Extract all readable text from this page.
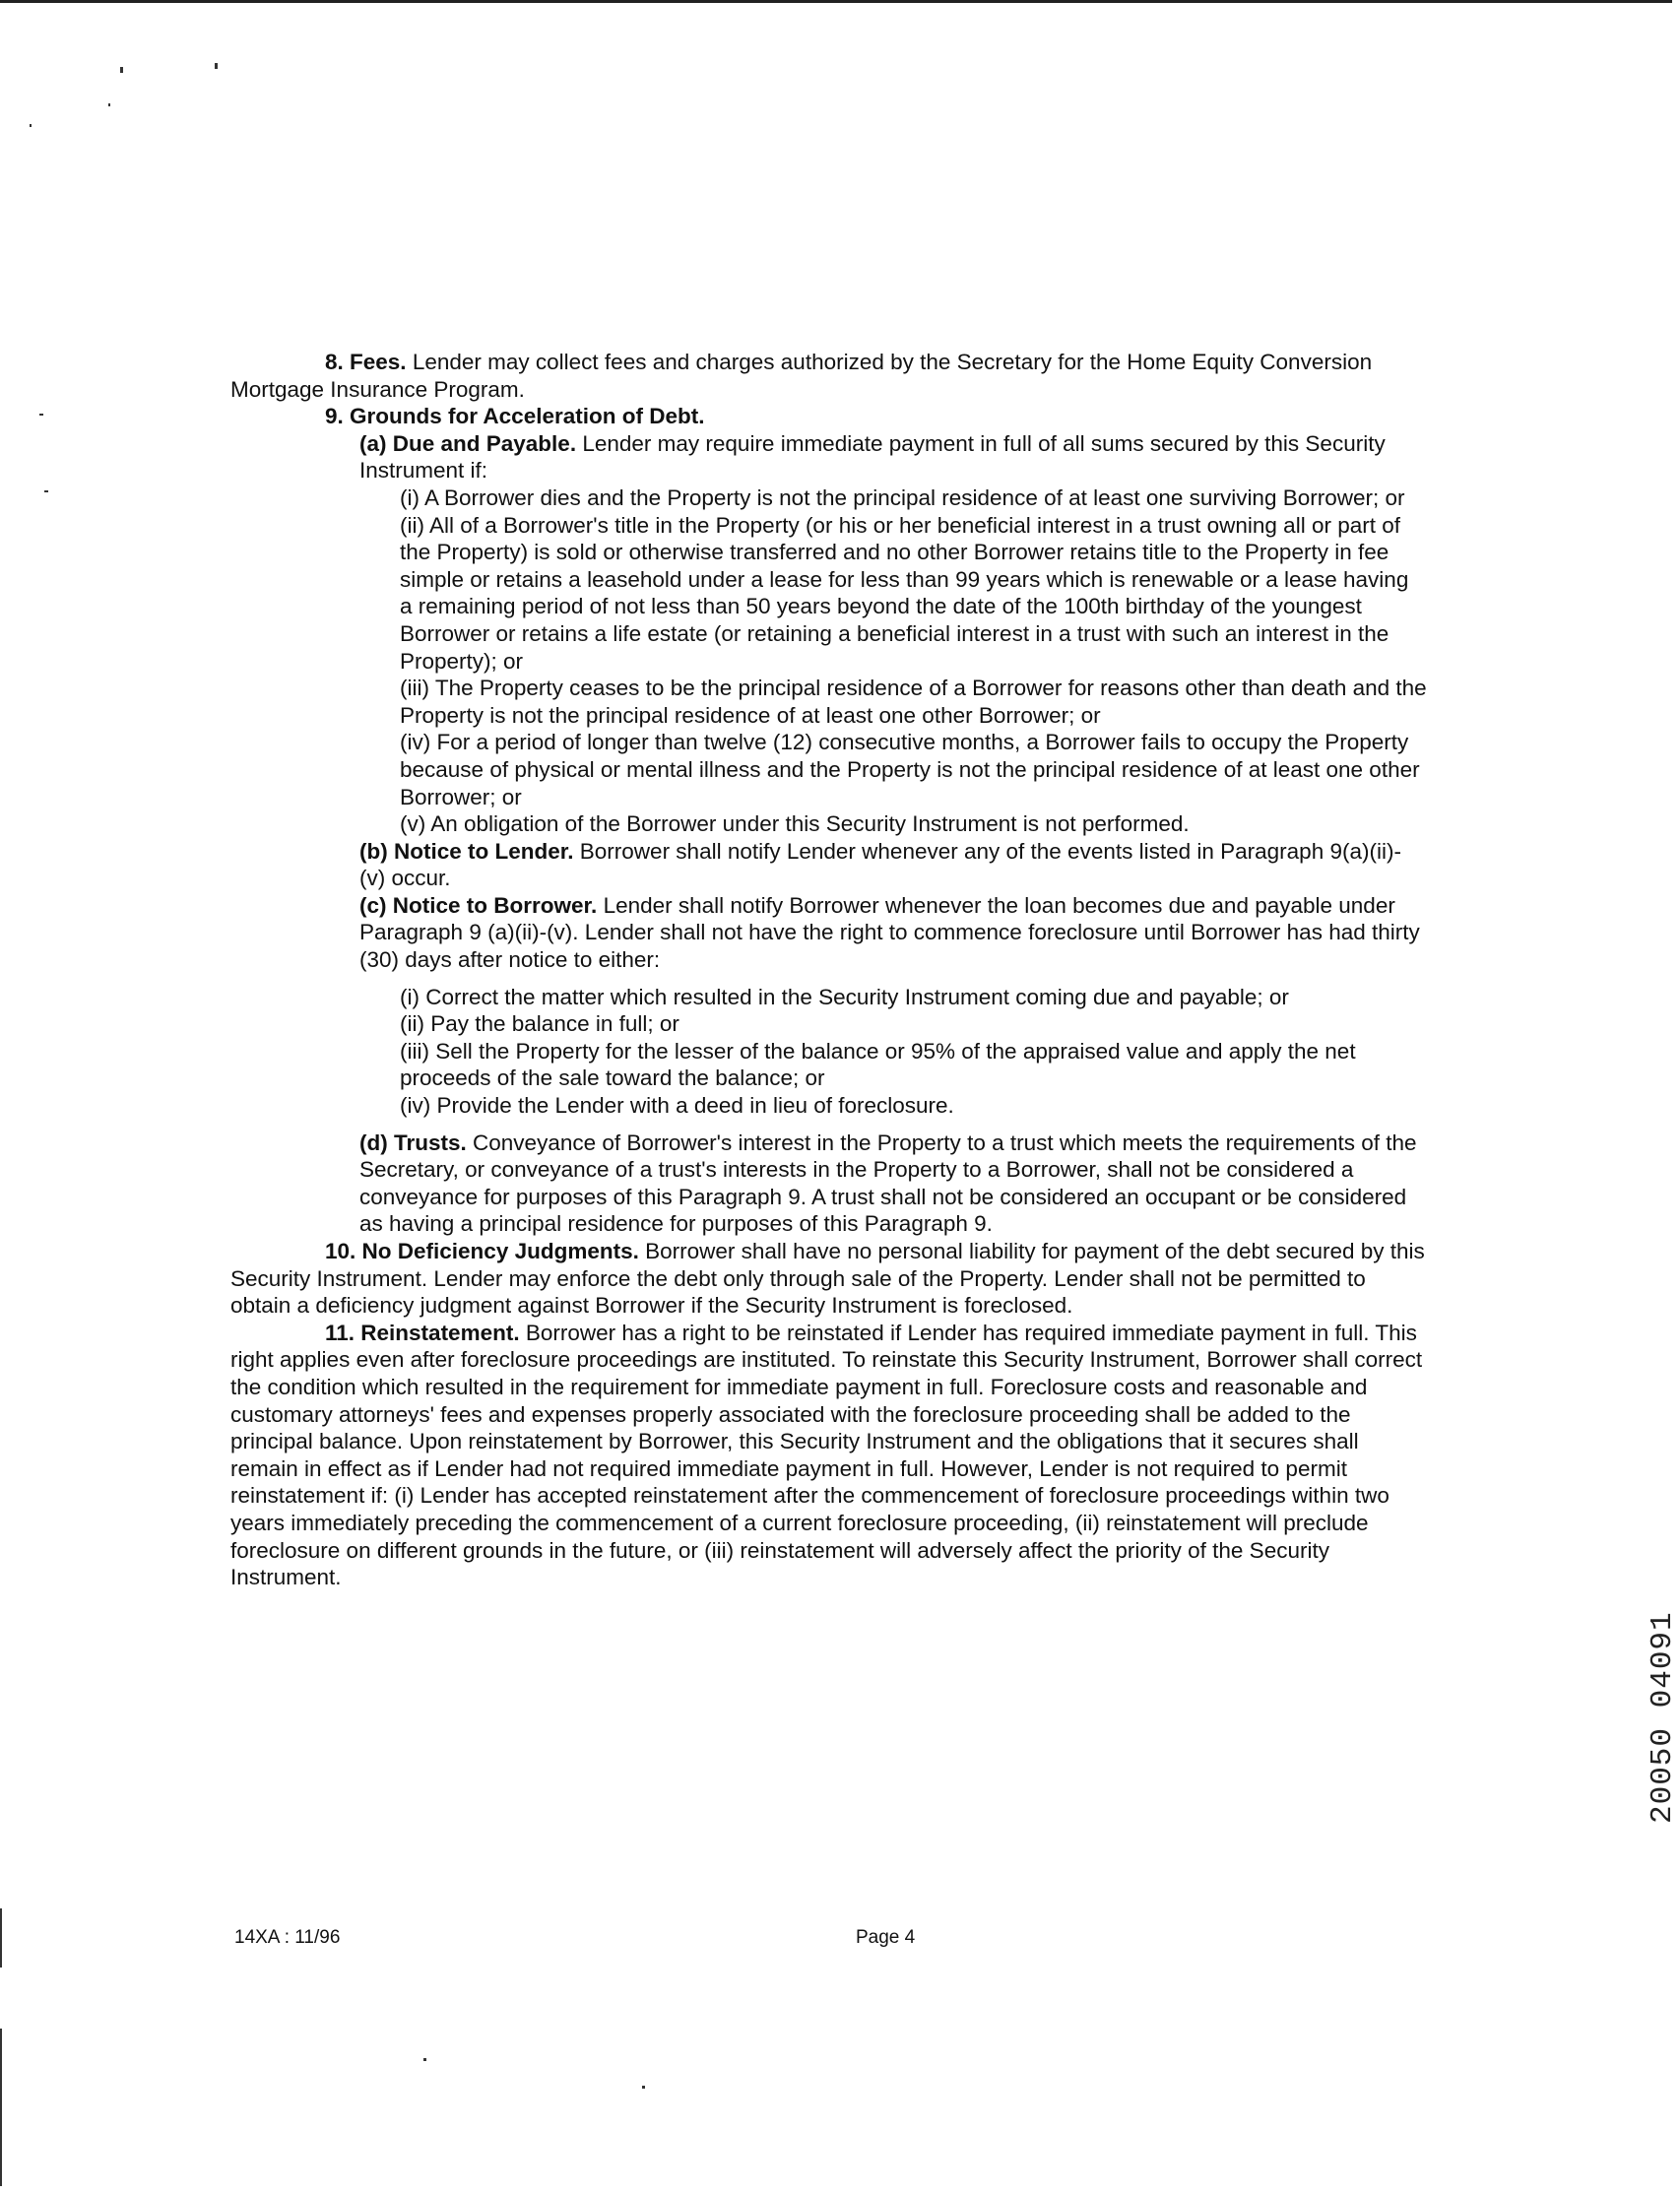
8. Fees. Lender may collect fees and charges authorized by the Secretary for the Home Equity Conversion Mortgage Insurance Program.

9. Grounds for Acceleration of Debt.

(a) Due and Payable. Lender may require immediate payment in full of all sums secured by this Security Instrument if:

(i) A Borrower dies and the Property is not the principal residence of at least one surviving Borrower; or

(ii) All of a Borrower's title in the Property (or his or her beneficial interest in a trust owning all or part of the Property) is sold or otherwise transferred and no other Borrower retains title to the Property in fee simple or retains a leasehold under a lease for less than 99 years which is renewable or a lease having a remaining period of not less than 50 years beyond the date of the 100th birthday of the youngest Borrower or retains a life estate (or retaining a beneficial interest in a trust with such an interest in the Property); or

(iii) The Property ceases to be the principal residence of a Borrower for reasons other than death and the Property is not the principal residence of at least one other Borrower; or

(iv) For a period of longer than twelve (12) consecutive months, a Borrower fails to occupy the Property because of physical or mental illness and the Property is not the principal residence of at least one other Borrower; or

(v) An obligation of the Borrower under this Security Instrument is not performed.

(b) Notice to Lender. Borrower shall notify Lender whenever any of the events listed in Paragraph 9(a)(ii)-(v) occur.

(c) Notice to Borrower. Lender shall notify Borrower whenever the loan becomes due and payable under Paragraph 9 (a)(ii)-(v). Lender shall not have the right to commence foreclosure until Borrower has had thirty (30) days after notice to either:

(i) Correct the matter which resulted in the Security Instrument coming due and payable; or

(ii) Pay the balance in full; or

(iii) Sell the Property for the lesser of the balance or 95% of the appraised value and apply the net proceeds of the sale toward the balance; or

(iv) Provide the Lender with a deed in lieu of foreclosure.

(d) Trusts. Conveyance of Borrower's interest in the Property to a trust which meets the requirements of the Secretary, or conveyance of a trust's interests in the Property to a Borrower, shall not be considered a conveyance for purposes of this Paragraph 9. A trust shall not be considered an occupant or be considered as having a principal residence for purposes of this Paragraph 9.

10. No Deficiency Judgments. Borrower shall have no personal liability for payment of the debt secured by this Security Instrument. Lender may enforce the debt only through sale of the Property. Lender shall not be permitted to obtain a deficiency judgment against Borrower if the Security Instrument is foreclosed.

11. Reinstatement. Borrower has a right to be reinstated if Lender has required immediate payment in full. This right applies even after foreclosure proceedings are instituted. To reinstate this Security Instrument, Borrower shall correct the condition which resulted in the requirement for immediate payment in full. Foreclosure costs and reasonable and customary attorneys' fees and expenses properly associated with the foreclosure proceeding shall be added to the principal balance. Upon reinstatement by Borrower, this Security Instrument and the obligations that it secures shall remain in effect as if Lender had not required immediate payment in full. However, Lender is not required to permit reinstatement if: (i) Lender has accepted reinstatement after the commencement of foreclosure proceedings within two years immediately preceding the commencement of a current foreclosure proceeding, (ii) reinstatement will preclude foreclosure on different grounds in the future, or (iii) reinstatement will adversely affect the priority of the Security Instrument.

14XA : 11/96	Page 4
20050 04091
